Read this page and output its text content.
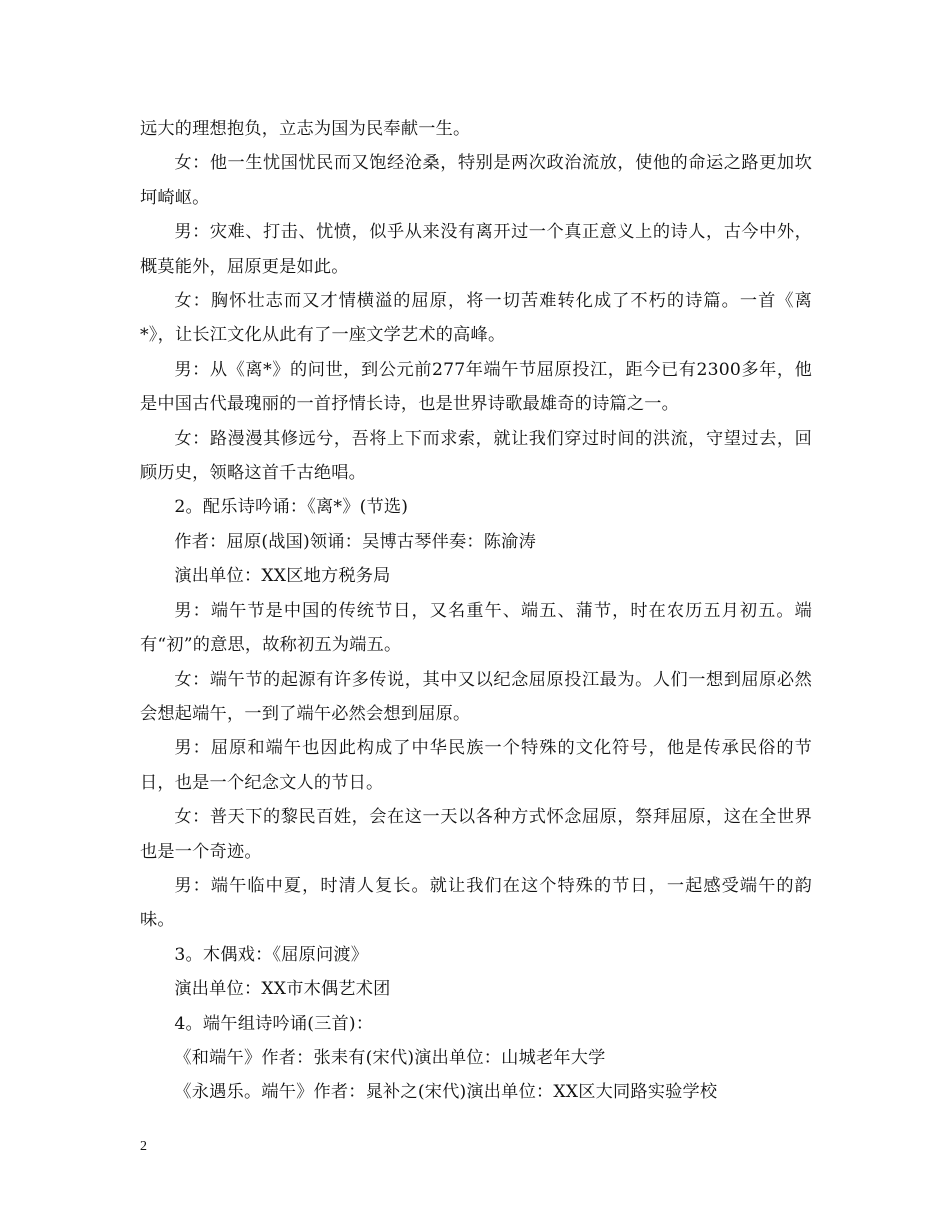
远大的理想抱负，立志为国为民奉献一生。

女：他一生忧国忧民而又饱经沧桑，特别是两次政治流放，使他的命运之路更加坎坷崎岖。

男：灾难、打击、忧愤，似乎从来没有离开过一个真正意义上的诗人，古今中外，概莫能外，屈原更是如此。

女：胸怀壮志而又才情横溢的屈原，将一切苦难转化成了不朽的诗篇。一首《离*》，让长江文化从此有了一座文学艺术的高峰。

男：从《离*》的问世，到公元前277年端午节屈原投江，距今已有2300多年，他是中国古代最瑰丽的一首抒情长诗，也是世界诗歌最雄奇的诗篇之一。

女：路漫漫其修远兮，吾将上下而求索，就让我们穿过时间的洪流，守望过去，回顾历史，领略这首千古绝唱。

2。配乐诗吟诵：《离*》(节选)

作者：屈原(战国)领诵：吴博古琴伴奏：陈渝涛

演出单位：XX区地方税务局

男：端午节是中国的传统节日，又名重午、端五、蒲节，时在农历五月初五。端有“初”的意思，故称初五为端五。

女：端午节的起源有许多传说，其中又以纪念屈原投江最为。人们一想到屈原必然会想起端午，一到了端午必然会想到屈原。

男：屈原和端午也因此构成了中华民族一个特殊的文化符号，他是传承民俗的节日，也是一个纪念文人的节日。

女：普天下的黎民百姓，会在这一天以各种方式怀念屈原，祭拜屈原，这在全世界也是一个奇迹。

男：端午临中夏，时清人复长。就让我们在这个特殊的节日，一起感受端午的韵味。

3。木偶戏：《屈原问渡》

演出单位：XX市木偶艺术团

4。端午组诗吟诵(三首)：

《和端午》作者：张耒有(宋代)演出单位：山城老年大学

《永遇乐。端午》作者：晁补之(宋代)演出单位：XX区大同路实验学校

2
